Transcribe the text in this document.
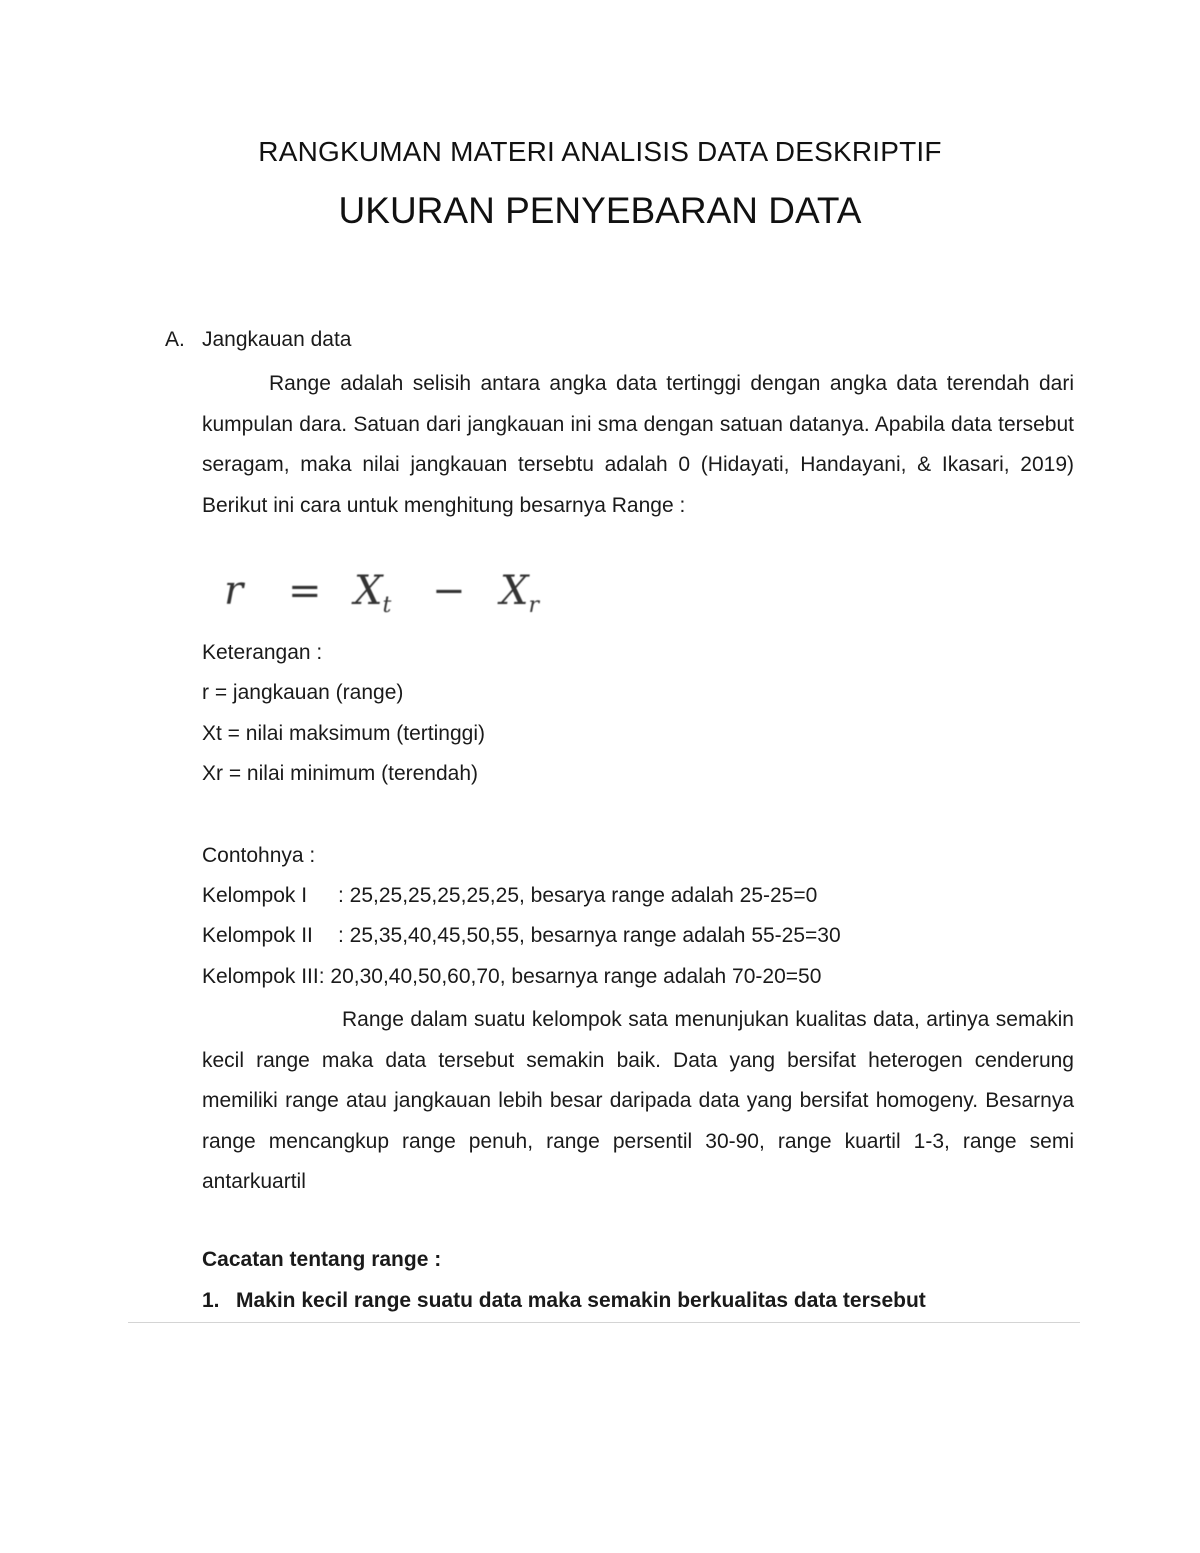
RANGKUMAN MATERI ANALISIS DATA DESKRIPTIF
UKURAN PENYEBARAN DATA
A. Jangkauan data
Range adalah selisih antara angka data tertinggi dengan angka data terendah dari kumpulan dara. Satuan dari jangkauan ini sma dengan satuan datanya. Apabila data tersebut seragam, maka nilai jangkauan tersebtu adalah 0 (Hidayati, Handayani, & Ikasari, 2019) Berikut ini cara untuk menghitung besarnya Range :
$r = X_t - X_r$
Keterangan :
r = jangkauan (range)
Xt = nilai maksimum (tertinggi)
Xr = nilai minimum (terendah)
Contohnya :
Kelompok I : 25,25,25,25,25,25, besarya range adalah 25-25=0
Kelompok II : 25,35,40,45,50,55, besarnya range adalah 55-25=30
Kelompok III: 20,30,40,50,60,70, besarnya range adalah 70-20=50
Range dalam suatu kelompok sata menunjukan kualitas data, artinya semakin kecil range maka data tersebut semakin baik. Data yang bersifat heterogen cenderung memiliki range atau jangkauan lebih besar daripada data yang bersifat homogeny. Besarnya range mencangkup range penuh, range persentil 30-90, range kuartil 1-3, range semi antarkuartil
Cacatan tentang range :
1. Makin kecil range suatu data maka semakin berkualitas data tersebut
